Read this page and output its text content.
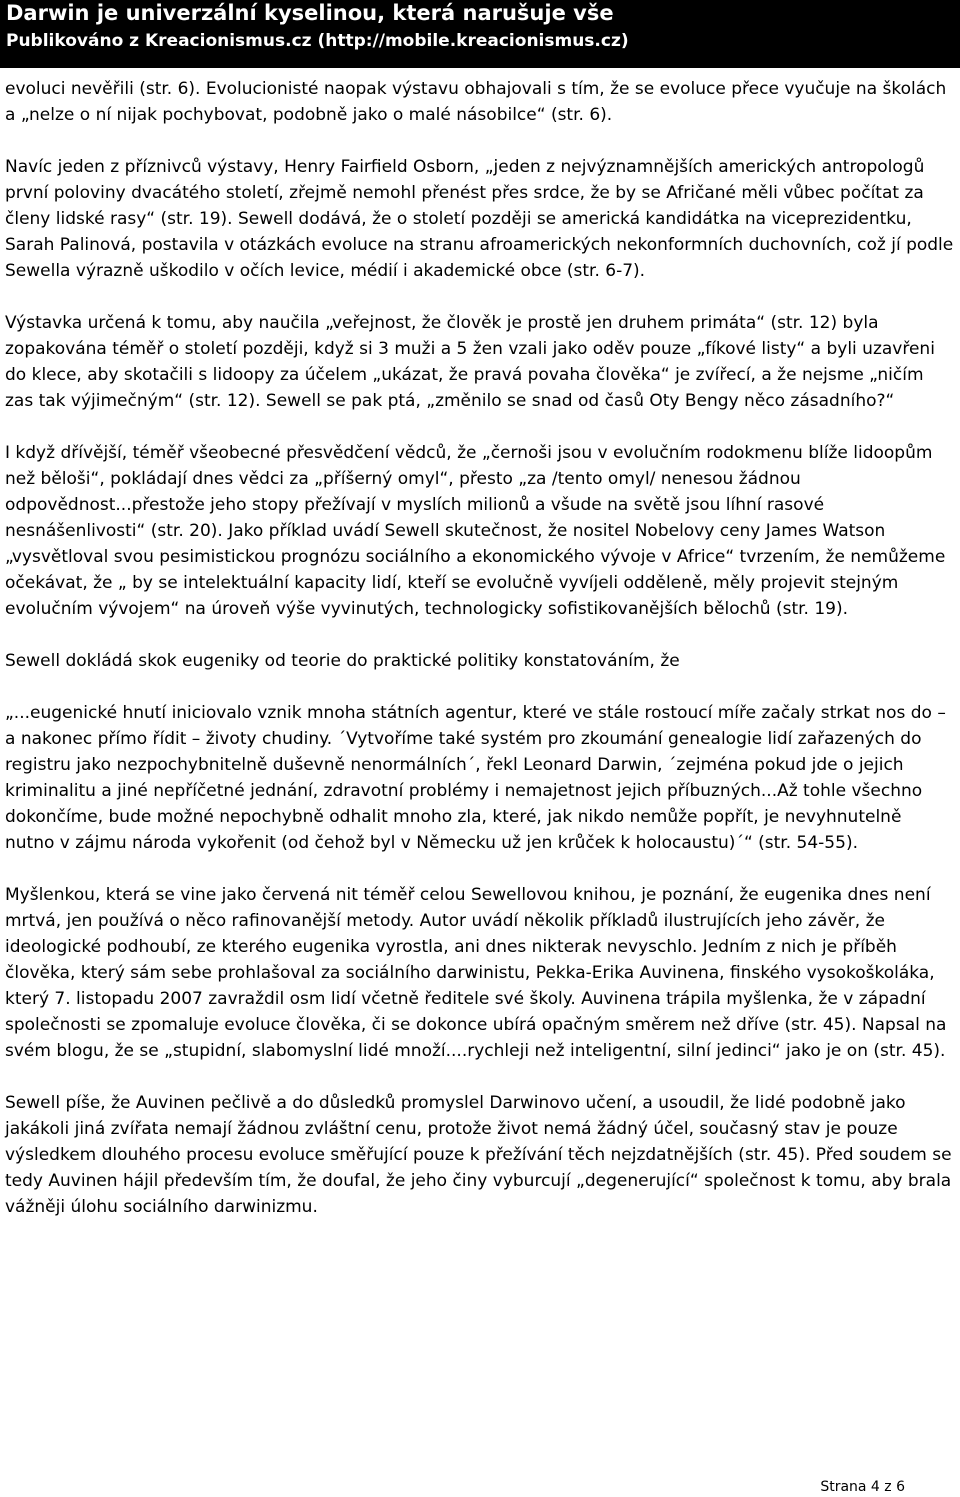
Darwin je univerzální kyselinou, která narušuje vše
Publikováno z Kreacionismus.cz (http://mobile.kreacionismus.cz)

evoluci nevěřili (str. 6). Evolucionisté naopak výstavu obhajovali s tím, že se evoluce přece vyučuje na školách a „nelze o ní nijak pochybovat, podobně jako o malé násobilce“ (str. 6).

Navíc jeden z příznivců výstavy, Henry Fairfield Osborn, „jeden z nejvýznamnějších amerických antropologů první poloviny dvacátého století, zřejmě nemohl přenést přes srdce, že by se Afričané měli vůbec počítat za členy lidské rasy“ (str. 19). Sewell dodává, že o století později se americká kandidátka na viceprezidentku, Sarah Palinová, postavila v otázkách evoluce na stranu afroamerických nekonformních duchovních, což jí podle Sewella výrazně uškodilo v očích levice, médií i akademické obce (str. 6-7).

Výstavka určená k tomu, aby naučila „veřejnost, že člověk je prostě jen druhem primáta“ (str. 12) byla zopakována téměř o století později, když si 3 muži a 5 žen vzali jako oděv pouze „fíkové listy“ a byli uzavřeni do klece, aby skotačili s lidoopy za účelem „ukázat, že pravá povaha člověka“ je zvířecí, a že nejsme „ničím zas tak výjimečným“ (str. 12). Sewell se pak ptá, „změnilo se snad od časů Oty Bengy něco zásadního?“

I když dřívější, téměř všeobecné přesvědčení vědců, že „černoši jsou v evolučním rodokmenu blíže lidoopům než běloši“, pokládají dnes vědci za „příšerný omyl“, přesto „za /tento omyl/ nenesou žádnou odpovědnost...přestože jeho stopy přežívají v myslích milionů a všude na světě jsou líhní rasové nesnášenlivosti“ (str. 20). Jako příklad uvádí Sewell skutečnost, že nositel Nobelovy ceny James Watson „vysvětloval svou pesimistickou prognózu sociálního a ekonomického vývoje v Africe“ tvrzením, že nemůžeme očekávat, že „ by se intelektuální kapacity lidí, kteří se evolučně vyvíjeli odděleně, měly projevit stejným evolučním vývojem“ na úroveň výše vyvinutých, technologicky sofistikovanějších bělochů (str. 19).

Sewell dokládá skok eugeniky od teorie do praktické politiky konstatováním, že

„...eugenické hnutí iniciovalo vznik mnoha státních agentur, které ve stále rostoucí míře začaly strkat nos do – a nakonec přímo řídit – životy chudiny. ´Vytvoříme také systém pro zkoumání genealogie lidí zařazených do registru jako nezpochybnitelně duševně nenormálních´, řekl Leonard Darwin, ´zejména pokud jde o jejich kriminalitu a jiné nepříčetné jednání, zdravotní problémy i nemajetnost jejich příbuzných...Až tohle všechno dokončíme, bude možné nepochybně odhalit mnoho zla, které, jak nikdo nemůže popřít, je nevyhnutelně nutno v zájmu národa vykořenit (od čehož byl v Německu už jen krůček k holocaustu)´“ (str. 54-55).

Myšlenkou, která se vine jako červená nit téměř celou Sewellovou knihou, je poznání, že eugenika dnes není mrtvá, jen používá o něco rafinovanější metody. Autor uvádí několik příkladů ilustrujících jeho závěr, že ideologické podhoubí, ze kterého eugenika vyrostla, ani dnes nikterak nevyschlo. Jedním z nich je příběh člověka, který sám sebe prohlašoval za sociálního darwinistu, Pekka-Erika Auvinena, finského vysokoškoláka, který 7. listopadu 2007 zavraždil osm lidí včetně ředitele své školy. Auvinena trápila myšlenka, že v západní společnosti se zpomaluje evoluce člověka, či se dokonce ubírá opačným směrem než dříve (str. 45). Napsal na svém blogu, že se „stupidní, slabomyslní lidé množí....rychleji než inteligentní, silní jedinci“ jako je on (str. 45).

Sewell píše, že Auvinen pečlivě a do důsledků promyslel Darwinovo učení, a usoudil, že lidé podobně jako jakákoli jiná zvířata nemají žádnou zvláštní cenu, protože život nemá žádný účel, současný stav je pouze výsledkem dlouhého procesu evoluce směřující pouze k přežívání těch nejzdatnějších (str. 45). Před soudem se tedy Auvinen hájil především tím, že doufal, že jeho činy vyburcují „degenerující“ společnost k tomu, aby brala vážněji úlohu sociálního darwinizmu.

Strana 4 z 6
